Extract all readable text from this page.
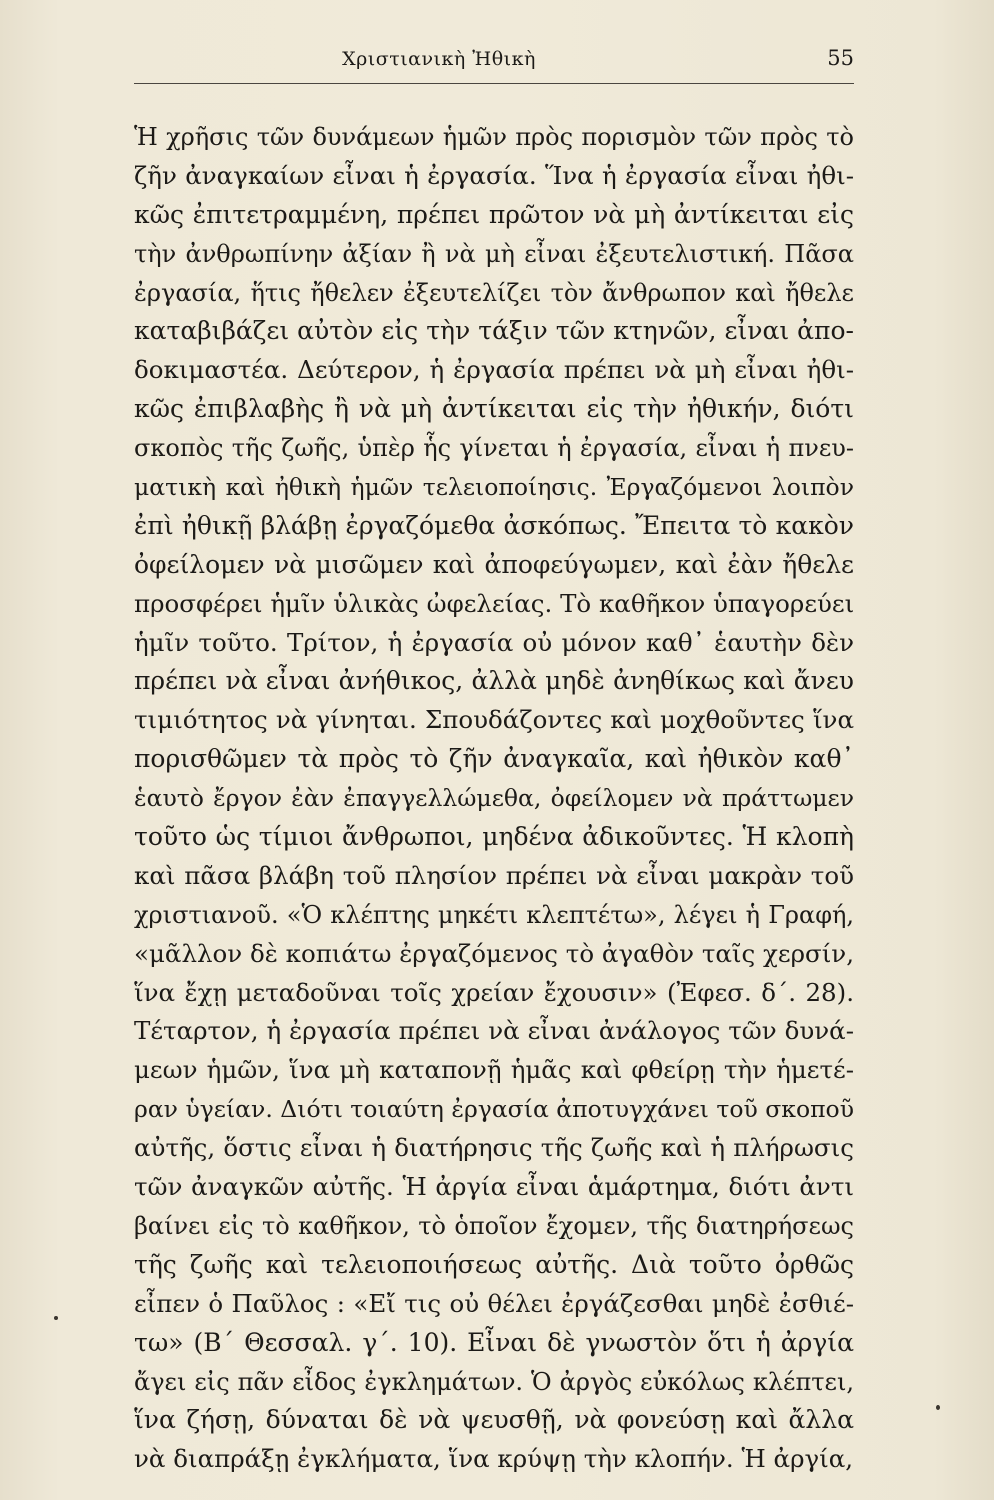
Χριστιανικὴ Ἠθικὴ	55
Ἡ χρῆσις τῶν δυνάμεων ἡμῶν πρὸς πορισμὸν τῶν πρὸς τὸ
ζῆν ἀναγκαίων εἶναι ἡ ἐργασία. Ἵνα ἡ ἐργασία εἶναι ἠθι-
κῶς ἐπιτετραμμένη, πρέπει πρῶτον νὰ μὴ ἀντίκειται εἰς
τὴν ἀνθρωπίνην ἀξίαν ἢ νὰ μὴ εἶναι ἐξευτελιστική. Πᾶσα
ἐργασία, ἥτις ἤθελεν ἐξευτελίζει τὸν ἄνθρωπον καὶ ἤθελε
καταβιβάζει αὐτὸν εἰς τὴν τάξιν τῶν κτηνῶν, εἶναι ἀπο-
δοκιμαστέα. Δεύτερον, ἡ ἐργασία πρέπει νὰ μὴ εἶναι ἠθι-
κῶς ἐπιβλαβὴς ἢ νὰ μὴ ἀντίκειται εἰς τὴν ἠθικήν, διότι
σκοπὸς τῆς ζωῆς, ὑπὲρ ἧς γίνεται ἡ ἐργασία, εἶναι ἡ πνευ-
ματικὴ καὶ ἠθικὴ ἡμῶν τελειοποίησις. Ἐργαζόμενοι λοιπὸν
ἐπὶ ἠθικῇ βλάβῃ ἐργαζόμεθα ἀσκόπως. Ἔπειτα τὸ κακὸν
ὀφείλομεν νὰ μισῶμεν καὶ ἀποφεύγωμεν, καὶ ἐὰν ἤθελε
προσφέρει ἡμῖν ὑλικὰς ὠφελείας. Τὸ καθῆκον ὑπαγορεύει
ἡμῖν τοῦτο. Τρίτον, ἡ ἐργασία οὐ μόνον καθ᾽ ἑαυτὴν δὲν
πρέπει νὰ εἶναι ἀνήθικος, ἀλλὰ μηδὲ ἀνηθίκως καὶ ἄνευ
τιμιότητος νὰ γίνηται. Σπουδάζοντες καὶ μοχθοῦντες ἵνα
πορισθῶμεν τὰ πρὸς τὸ ζῆν ἀναγκαῖα, καὶ ἠθικὸν καθ᾽
ἑαυτὸ ἔργον ἐὰν ἐπαγγελλώμεθα, ὀφείλομεν νὰ πράττωμεν
τοῦτο ὡς τίμιοι ἄνθρωποι, μηδένα ἀδικοῦντες. Ἡ κλοπὴ
καὶ πᾶσα βλάβη τοῦ πλησίον πρέπει νὰ εἶναι μακρὰν τοῦ
χριστιανοῦ. «Ὁ κλέπτης μηκέτι κλεπτέτω», λέγει ἡ Γραφή,
«μᾶλλον δὲ κοπιάτω ἐργαζόμενος τὸ ἀγαθὸν ταῖς χερσίν,
ἵνα ἔχῃ μεταδοῦναι τοῖς χρείαν ἔχουσιν» (Ἐφεσ. δ΄. 28).
Τέταρτον, ἡ ἐργασία πρέπει νὰ εἶναι ἀνάλογος τῶν δυνά-
μεων ἡμῶν, ἵνα μὴ καταπονῇ ἡμᾶς καὶ φθείρῃ τὴν ἡμετέ-
ραν ὑγείαν. Διότι τοιαύτη ἐργασία ἀποτυγχάνει τοῦ σκοποῦ
αὐτῆς, ὅστις εἶναι ἡ διατήρησις τῆς ζωῆς καὶ ἡ πλήρωσις
τῶν ἀναγκῶν αὐτῆς. Ἡ ἀργία εἶναι ἁμάρτημα, διότι ἀντι
βαίνει εἰς τὸ καθῆκον, τὸ ὁποῖον ἔχομεν, τῆς διατηρήσεως
τῆς ζωῆς καὶ τελειοποιήσεως αὐτῆς. Διὰ τοῦτο ὀρθῶς
εἶπεν ὁ Παῦλος : «Εἴ τις οὐ θέλει ἐργάζεσθαι μηδὲ ἐσθιέ-
τω» (Β΄ Θεσσαλ. γ΄. 10). Εἶναι δὲ γνωστὸν ὅτι ἡ ἀργία
ἄγει εἰς πᾶν εἶδος ἐγκλημάτων. Ὁ ἀργὸς εὐκόλως κλέπτει,
ἵνα ζήσῃ, δύναται δὲ νὰ ψευσθῇ, νὰ φονεύσῃ καὶ ἄλλα
νὰ διαπράξῃ ἐγκλήματα, ἵνα κρύψῃ τὴν κλοπήν. Ἡ ἀργία,
